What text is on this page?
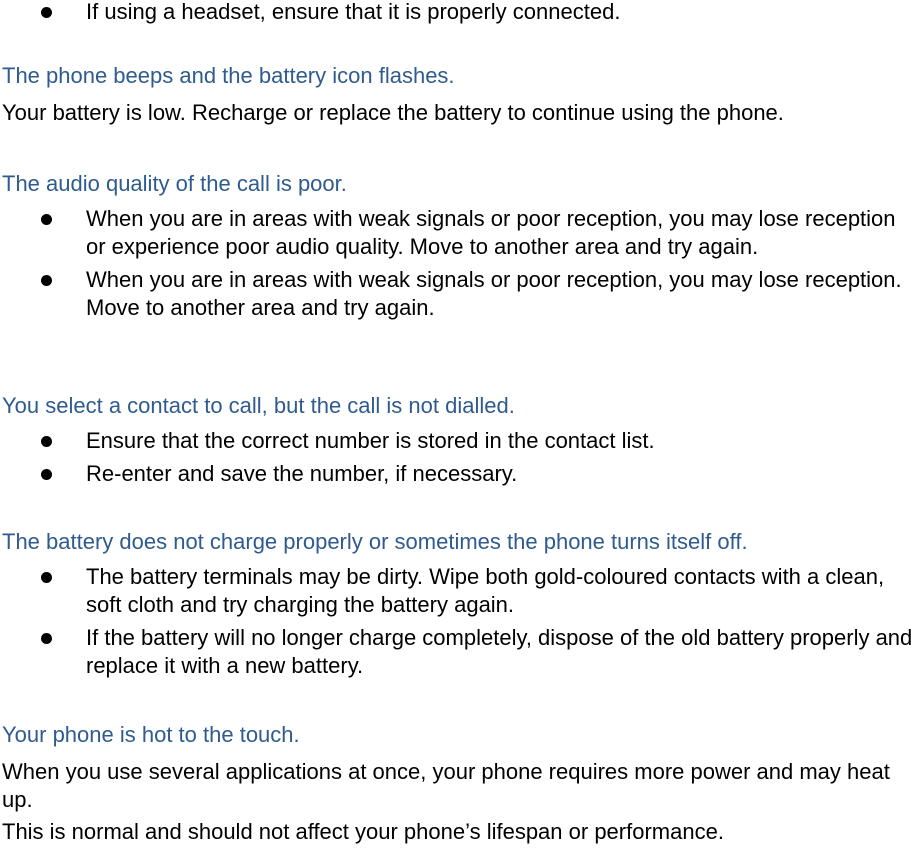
If using a headset, ensure that it is properly connected.

The phone beeps and the battery icon flashes.

Your battery is low. Recharge or replace the battery to continue using the phone.

The audio quality of the call is poor.

When you are in areas with weak signals or poor reception, you may lose reception or experience poor audio quality. Move to another area and try again.

When you are in areas with weak signals or poor reception, you may lose reception. Move to another area and try again.

You select a contact to call, but the call is not dialled.

Ensure that the correct number is stored in the contact list.

Re-enter and save the number, if necessary.

The battery does not charge properly or sometimes the phone turns itself off.

The battery terminals may be dirty. Wipe both gold-coloured contacts with a clean, soft cloth and try charging the battery again.

If the battery will no longer charge completely, dispose of the old battery properly and replace it with a new battery.

Your phone is hot to the touch.

When you use several applications at once, your phone requires more power and may heat up.

This is normal and should not affect your phone’s lifespan or performance.
